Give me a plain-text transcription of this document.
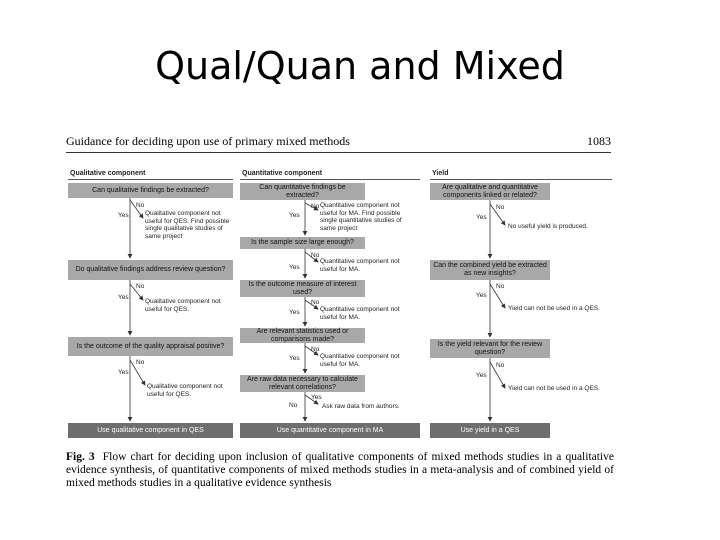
Qual/Quan and Mixed
Guidance for deciding upon use of primary mixed methods	1083
Qualitative component	Quantitative component	Yield
Can qualitative findings be extracted?
No
Yes	Qualitative component not useful for QES. Find possible single qualitative studies of same project
Do qualitative findings address review question?
No
Yes
Qualitative component not useful for QES.
Is the outcome of the quality appraisal positive?
No
Yes
Qualitative component not useful for QES.
Use qualitative component in QES
Can quantitative findings be extracted?
No
Yes
Quantitative component not useful for MA. Find possible single quantitative studies of same project
Is the sample size large enough?
No
Yes
Quantitative component not useful for MA.
Is the outcome measure of interest used?
No
Yes	Quantitative component not useful for MA.
Are relevant statistics used or comparisons made?
No
Yes	Quantitative component not useful for MA.
Are raw data necessary to calculate relevant correlations?
Yes
No	Ask raw data from authors.
Use quantitative component in MA
Are qualitative and quantitative components linked or related?
No
Yes
No useful yield is produced.
Can the combined yield be extracted as new insights?
No
Yes
Yield can not be used in a QES.
Is the yield relevant for the review question?
No
Yes
Yield can not be used in a QES.
Use yield in a QES
Fig. 3 Flow chart for deciding upon inclusion of qualitative components of mixed methods studies in a qualitative evidence synthesis, of quantitative components of mixed methods studies in a meta-analysis and of combined yield of mixed methods studies in a qualitative evidence synthesis
